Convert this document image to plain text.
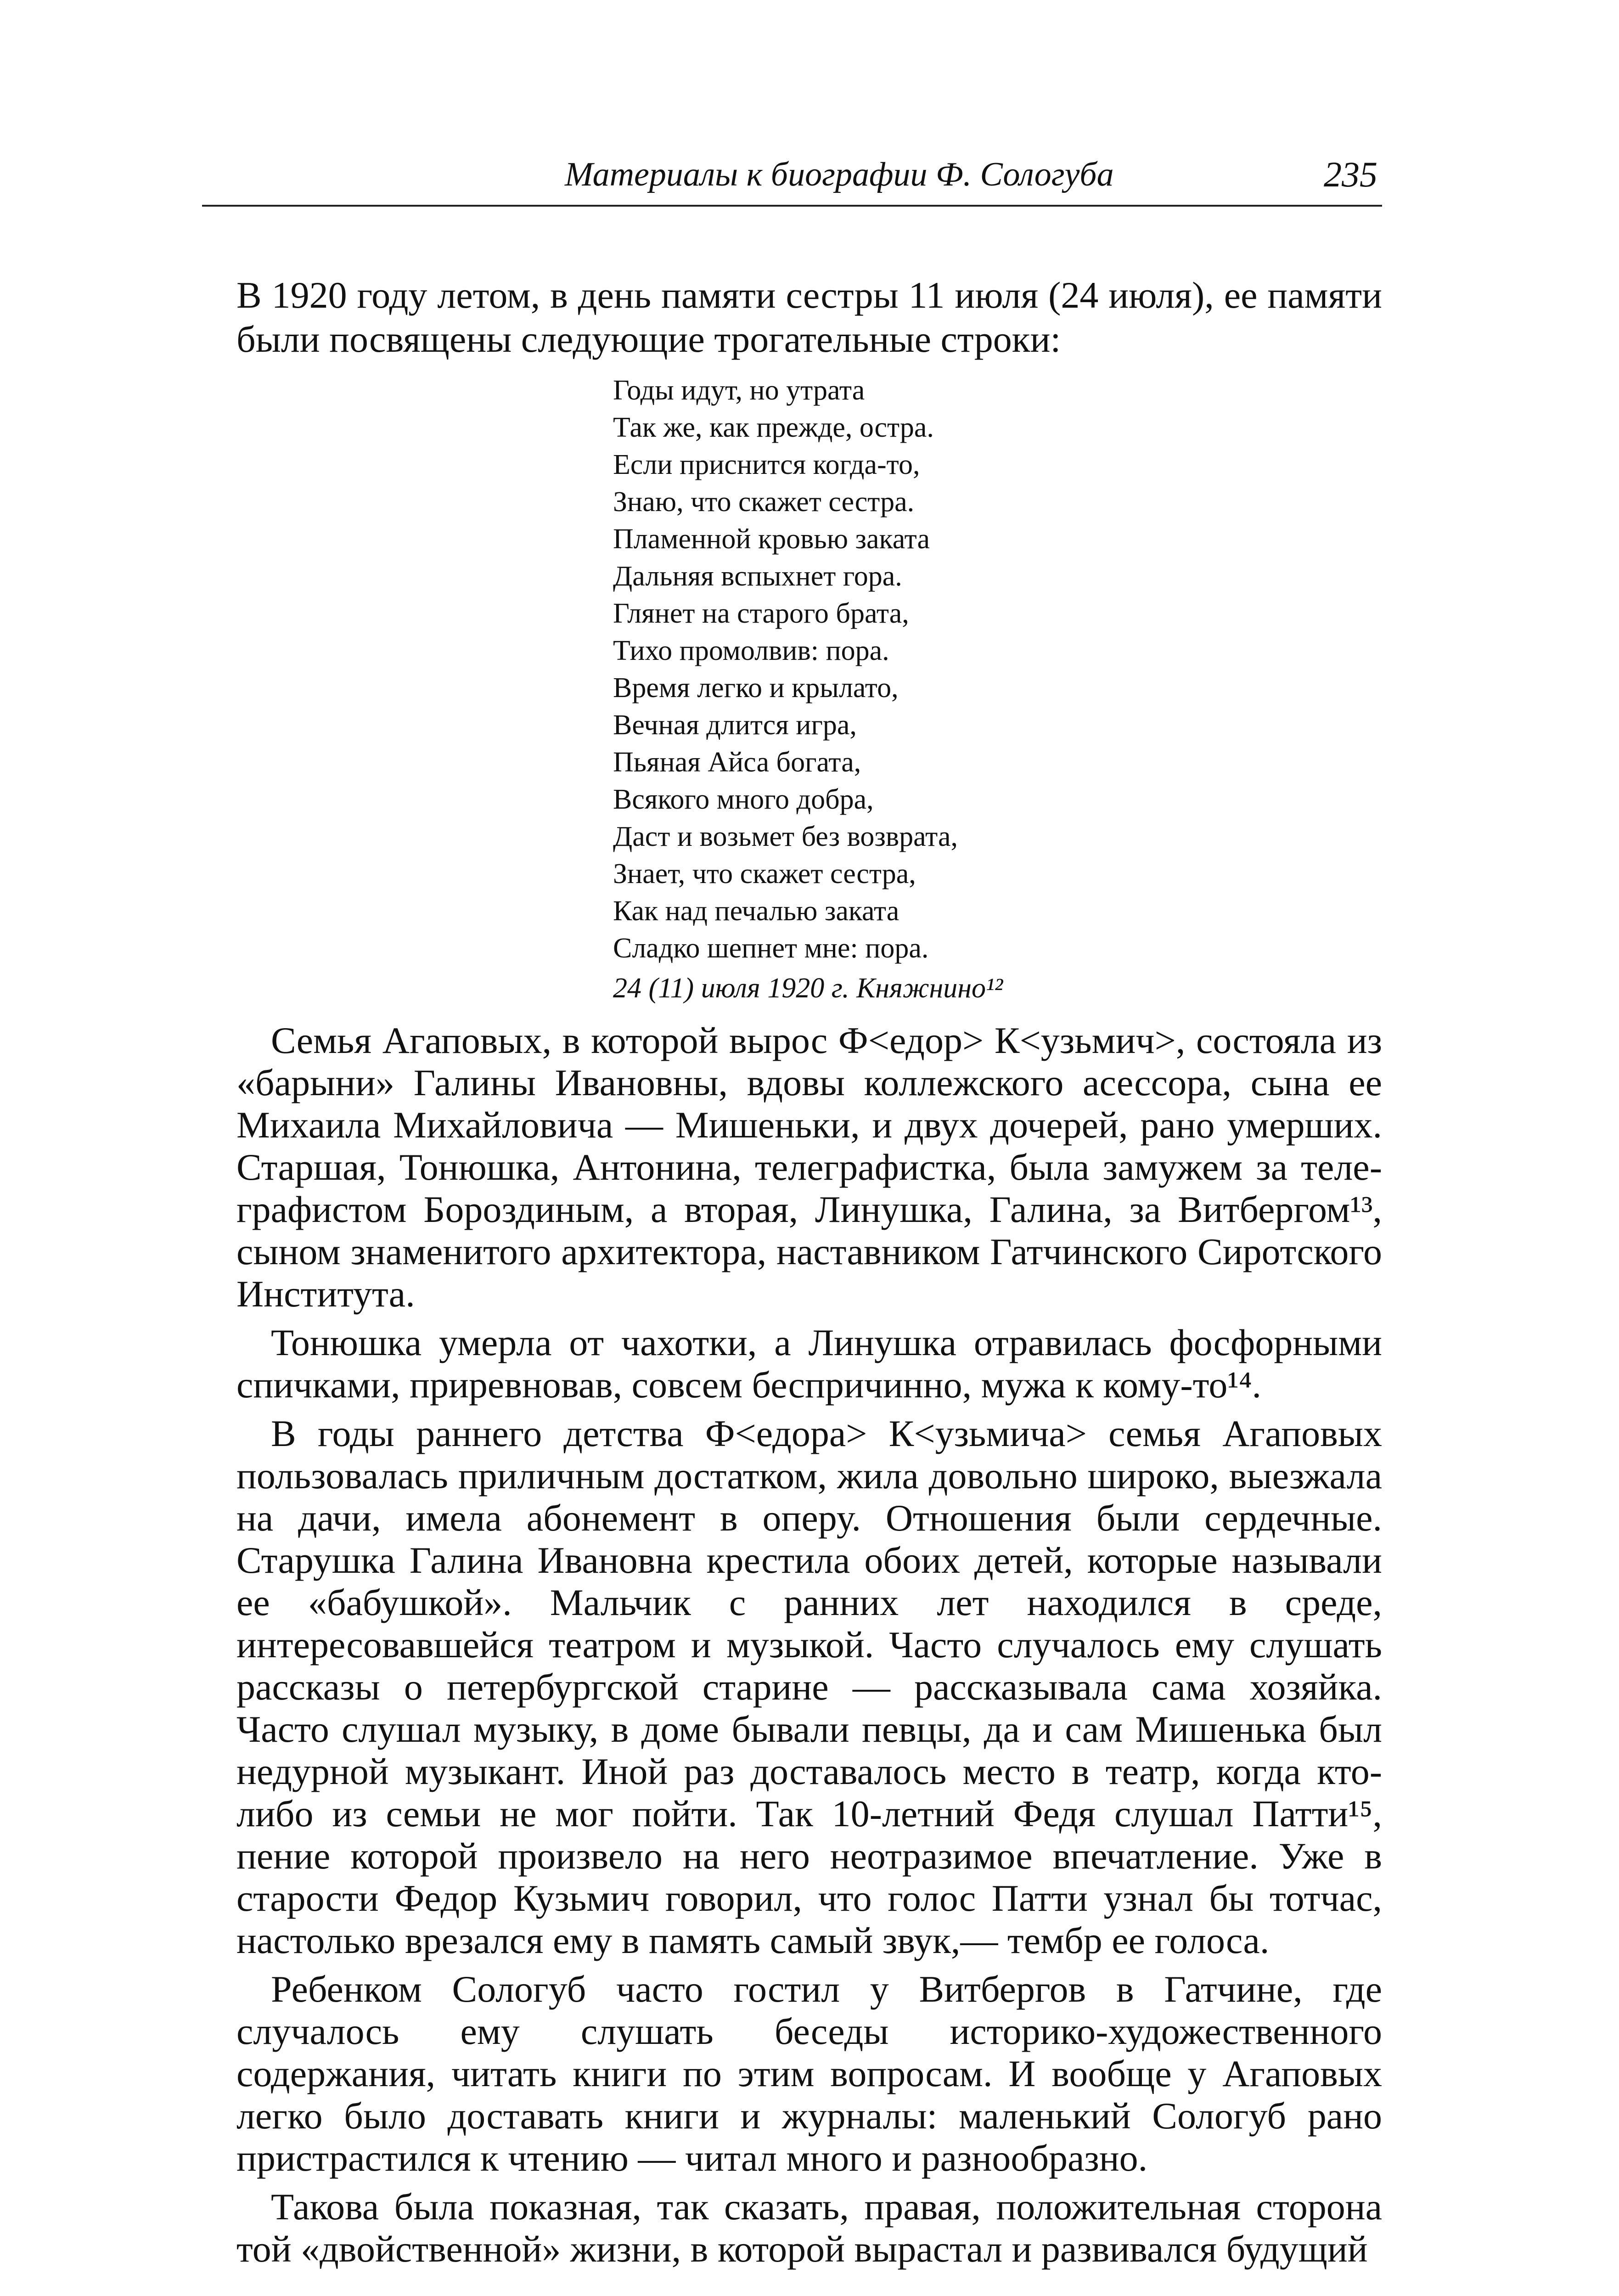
Материалы к биографии Ф. Сологуба	235
В 1920 году летом, в день памяти сестры 11 июля (24 июля), ее памяти были посвящены следующие трогательные строки:
Годы идут, но утрата
Так же, как прежде, остра.
Если приснится когда-то,
Знаю, что скажет сестра.
Пламенной кровью заката
Дальняя вспыхнет гора.
Глянет на старого брата,
Тихо промолвив: пора.
Время легко и крылато,
Вечная длится игра,
Пьяная Айса богата,
Всякого много добра,
Даст и возьмет без возврата,
Знает, что скажет сестра,
Как над печалью заката
Сладко шепнет мне: пора.
24 (11) июля 1920 г. Княжнино¹²

Семья Агаповых, в которой вырос Ф<едор> К<узьмич>, состояла из «барыни» Галины Ивановны, вдовы коллежского асессора, сына ее Михаила Михайловича — Мишеньки, и двух дочерей, рано умерших. Старшая, Тонюшка, Антонина, телеграфистка, была замужем за телеграфистом Бороздиным, а вторая, Линушка, Галина, за Витбергом¹³, сыном знаменитого архитектора, наставником Гатчинского Сиротского Института.

Тонюшка умерла от чахотки, а Линушка отравилась фосфорными спичками, приревновав, совсем беспричинно, мужа к кому-то¹⁴.

В годы раннего детства Ф<едора> К<узьмича> семья Агаповых пользовалась приличным достатком, жила довольно широко, выезжала на дачи, имела абонемент в оперу. Отношения были сердечные. Старушка Галина Ивановна крестила обоих детей, которые называли ее «бабушкой». Мальчик с ранних лет находился в среде, интересовавшейся театром и музыкой. Часто случалось ему слушать рассказы о петербургской старине — рассказывала сама хозяйка. Часто слушал музыку, в доме бывали певцы, да и сам Мишенька был недурной музыкант. Иной раз доставалось место в театр, когда кто-либо из семьи не мог пойти. Так 10-летний Федя слушал Патти¹⁵, пение которой произвело на него неотразимое впечатление. Уже в старости Федор Кузьмич говорил, что голос Патти узнал бы тотчас, настолько врезался ему в память самый звук,— тембр ее голоса.

Ребенком Сологуб часто гостил у Витбергов в Гатчине, где случалось ему слушать беседы историко-художественного содержания, читать книги по этим вопросам. И вообще у Агаповых легко было доставать книги и журналы: маленький Сологуб рано пристрастился к чтению — читал много и разнообразно.

Такова была показная, так сказать, правая, положительная сторона той «двойственной» жизни, в которой вырастал и развивался будущий
